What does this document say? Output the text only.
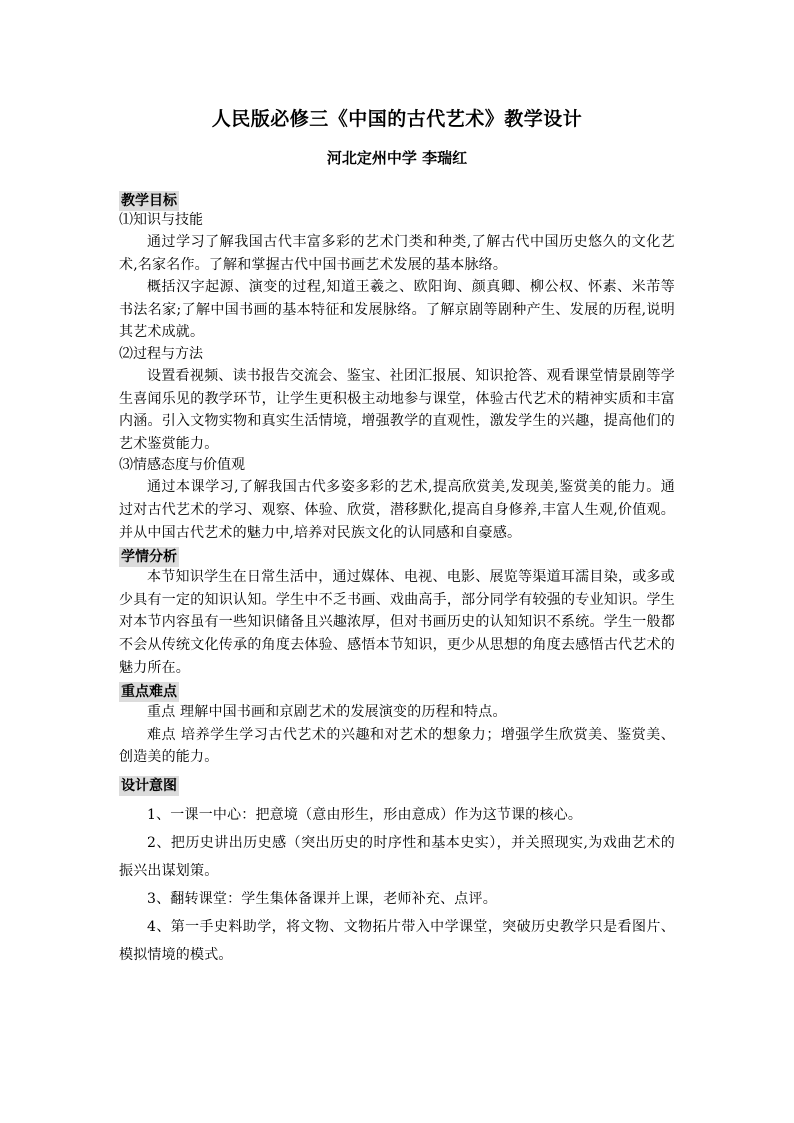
人民版必修三《中国的古代艺术》教学设计
河北定州中学 李瑞红
教学目标
⑴知识与技能

通过学习了解我国古代丰富多彩的艺术门类和种类,了解古代中国历史悠久的文化艺术,名家名作。了解和掌握古代中国书画艺术发展的基本脉络。

概括汉字起源、演变的过程,知道王羲之、欧阳询、颜真卿、柳公权、怀素、米芾等书法名家;了解中国书画的基本特征和发展脉络。了解京剧等剧种产生、发展的历程,说明其艺术成就。

⑵过程与方法

设置看视频、读书报告交流会、鉴宝、社团汇报展、知识抢答、观看课堂情景剧等学生喜闻乐见的教学环节，让学生更积极主动地参与课堂，体验古代艺术的精神实质和丰富内涵。引入文物实物和真实生活情境，增强教学的直观性，激发学生的兴趣，提高他们的艺术鉴赏能力。

⑶情感态度与价值观

通过本课学习,了解我国古代多姿多彩的艺术,提高欣赏美,发现美,鉴赏美的能力。通过对古代艺术的学习、观察、体验、欣赏，潜移默化,提高自身修养,丰富人生观,价值观。并从中国古代艺术的魅力中,培养对民族文化的认同感和自豪感。

学情分析

本节知识学生在日常生活中，通过媒体、电视、电影、展览等渠道耳濡目染，或多或少具有一定的知识认知。学生中不乏书画、戏曲高手，部分同学有较强的专业知识。学生对本节内容虽有一些知识储备且兴趣浓厚，但对书画历史的认知知识不系统。学生一般都不会从传统文化传承的角度去体验、感悟本节知识，更少从思想的角度去感悟古代艺术的魅力所在。

重点难点

重点 理解中国书画和京剧艺术的发展演变的历程和特点。

难点 培养学生学习古代艺术的兴趣和对艺术的想象力；增强学生欣赏美、鉴赏美、创造美的能力。

设计意图

1、一课一中心：把意境（意由形生，形由意成）作为这节课的核心。

2、把历史讲出历史感（突出历史的时序性和基本史实），并关照现实,为戏曲艺术的振兴出谋划策。

3、翻转课堂：学生集体备课并上课，老师补充、点评。

4、第一手史料助学，将文物、文物拓片带入中学课堂，突破历史教学只是看图片、模拟情境的模式。
